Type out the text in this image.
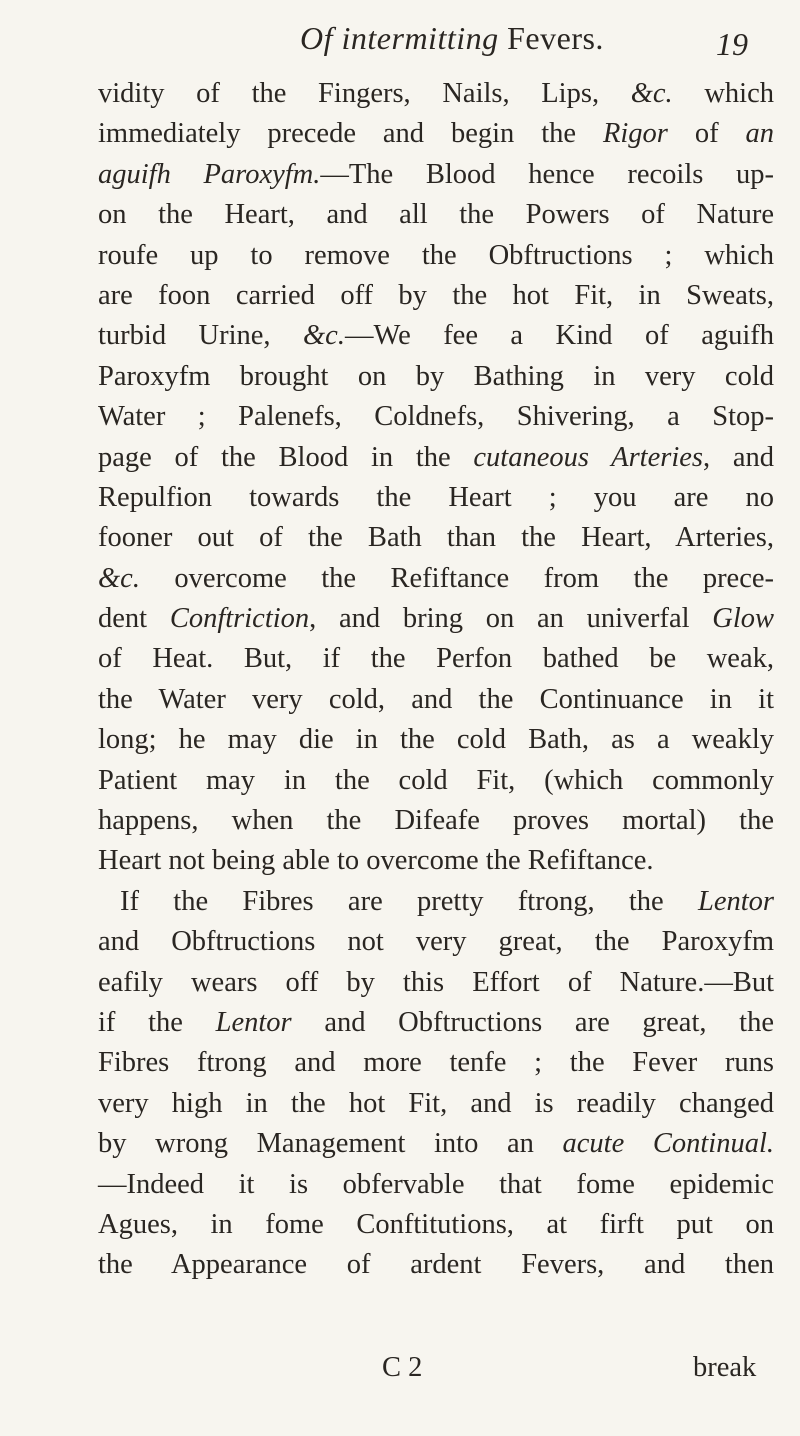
Of intermitting Fevers.	19
vidity of the Fingers, Nails, Lips, &c. which
immediately precede and begin the Rigor of an
aguifh Paroxyfm.—The Blood hence recoils up-
on the Heart, and all the Powers of Nature
roufe up to remove the Obftructions ; which
are foon carried off by the hot Fit, in Sweats,
turbid Urine, &c.—We fee a Kind of aguifh
Paroxyfm brought on by Bathing in very cold
Water ; Palenefs, Coldnefs, Shivering, a Stop-
page of the Blood in the cutaneous Arteries, and
Repulfion towards the Heart ; you are no
fooner out of the Bath than the Heart, Arteries,
&c. overcome the Refiftance from the prece-
dent Conftriction, and bring on an univerfal Glow
of Heat. But, if the Perfon bathed be weak,
the Water very cold, and the Continuance in it
long; he may die in the cold Bath, as a weakly
Patient may in the cold Fit, (which commonly
happens, when the Difeafe proves mortal) the
Heart not being able to overcome the Refiftance.
If the Fibres are pretty ftrong, the Lentor
and Obftructions not very great, the Paroxyfm
eafily wears off by this Effort of Nature.—But
if the Lentor and Obftructions are great, the
Fibres ftrong and more tenfe ; the Fever runs
very high in the hot Fit, and is readily changed
by wrong Management into an acute Continual.
—Indeed it is obfervable that fome epidemic
Agues, in fome Conftitutions, at firft put on
the Appearance of ardent Fevers, and then
C 2	break
